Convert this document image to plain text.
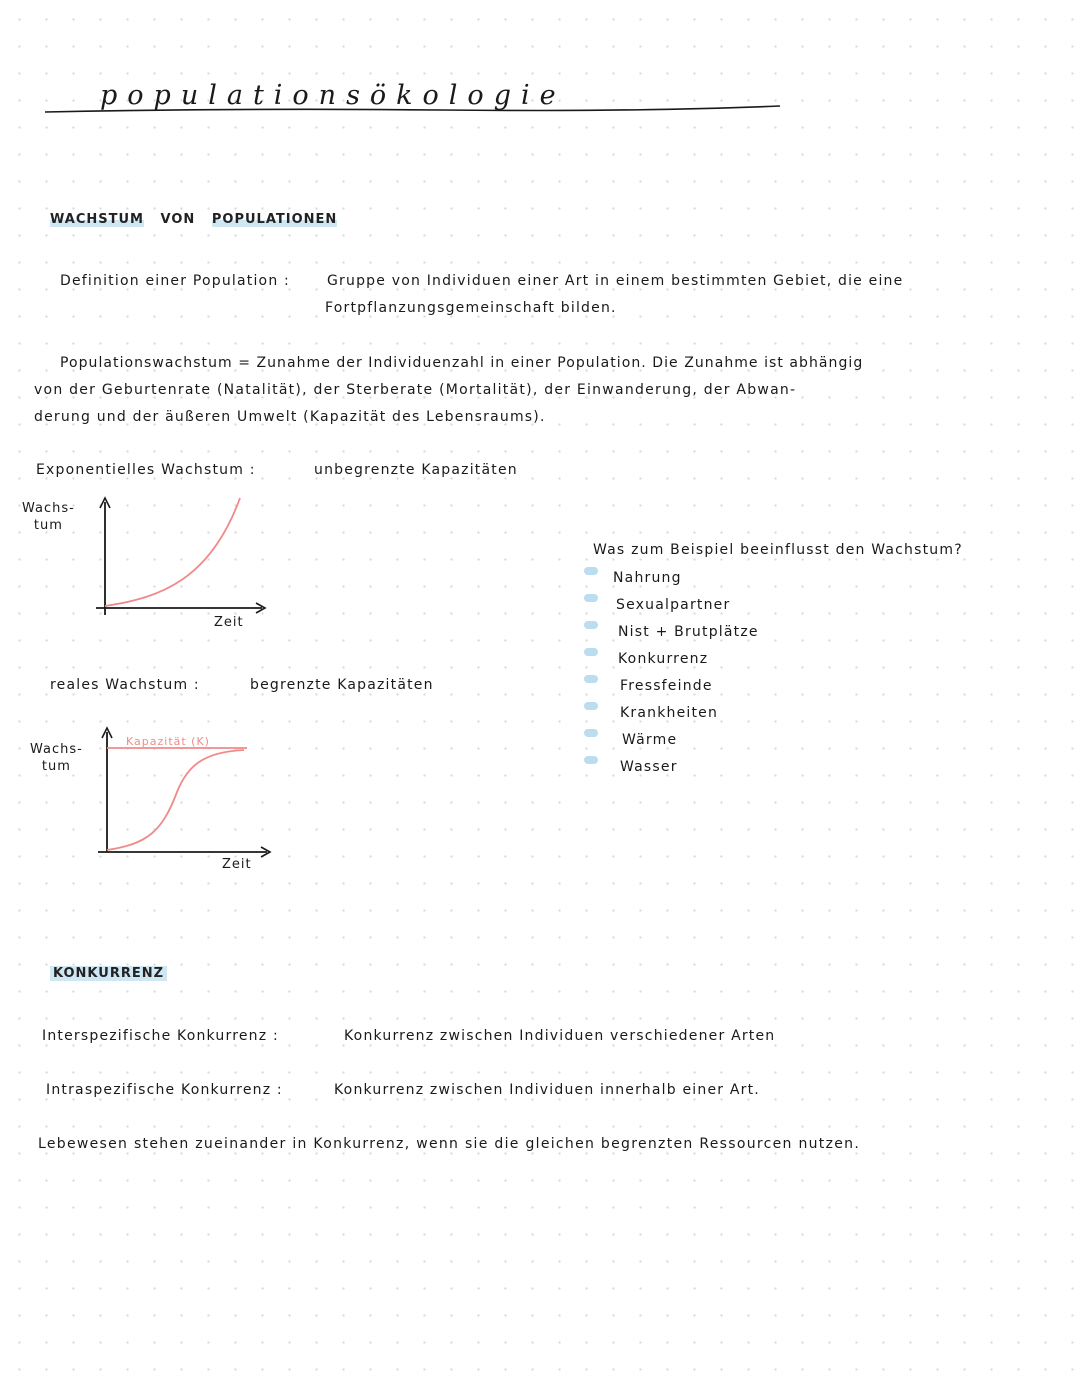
populationsökologie
WACHSTUM VON POPULATIONEN
Definition einer Population :	Gruppe von Individuen einer Art in einem bestimmten Gebiet, die eine
Fortpflanzungsgemeinschaft bilden.
Populationswachstum = Zunahme der Individuenzahl in einer Population. Die Zunahme ist abhängig
von der Geburtenrate (Natalität), der Sterberate (Mortalität), der Einwanderung, der Abwan-
derung und der äußeren Umwelt (Kapazität des Lebensraums).
Exponentielles Wachstum :	unbegrenzte Kapazitäten
Wachs-
tum
Zeit
reales Wachstum :	begrenzte Kapazitäten
Wachs-
tum
Kapazität (K)
Zeit
Was zum Beispiel beeinflusst den Wachstum?
Nahrung
Sexualpartner
Nist + Brutplätze
Konkurrenz
Fressfeinde
Krankheiten
Wärme
Wasser
KONKURRENZ
Interspezifische Konkurrenz :	Konkurrenz zwischen Individuen verschiedener Arten
Intraspezifische Konkurrenz :	Konkurrenz zwischen Individuen innerhalb einer Art.
Lebewesen stehen zueinander in Konkurrenz, wenn sie die gleichen begrenzten Ressourcen nutzen.
